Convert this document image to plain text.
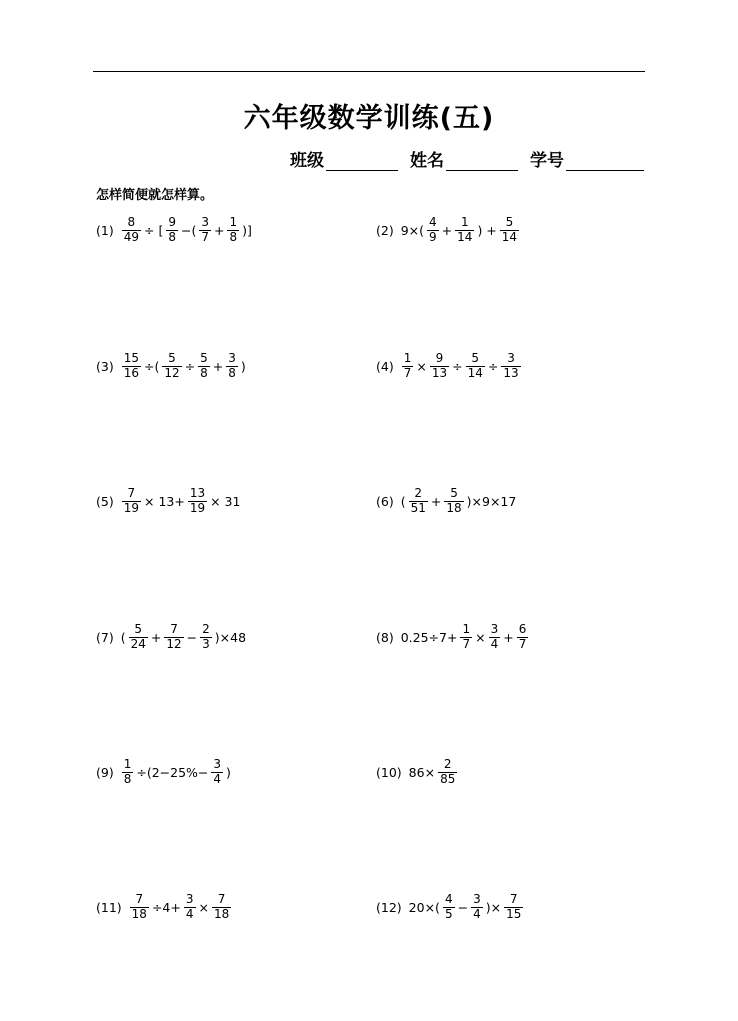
六年级数学训练(五)
班级	姓名	学号
怎样简便就怎样算。
$(1) \frac{8}{49}$ ÷ [ $\frac{9}{8}$ −( $\frac{3}{7} + \frac{1}{8}$ )]	(2) $9\times( \frac{4}{9} + \frac{1}{14}$ ) + $\frac{5}{14}$
$(3) \frac{15}{16}$ ÷( $\frac{5}{12} \div \frac{5}{8} + \frac{3}{8}$ )	$(4) \frac{1}{7} \times \frac{9}{13} \div \frac{5}{14} \div \frac{3}{13}$
$(5) \frac{7}{19} \times 13+ \frac{13}{19} \times 31$	(6) ( $\frac{2}{51} + \frac{5}{18} )\times 9\times 17$
(7) ( $\frac{5}{24} + \frac{7}{12} - \frac{2}{3} )\times 48$	(8) $0.25\div 7+ \frac{1}{7} \times \frac{3}{4} + \frac{6}{7}$
$(9) \frac{1}{8} \div(2-25\%- \frac{3}{4}$ )	(10) $86\times \frac{2}{85}$
$(11) \frac{7}{18} \div 4+ \frac{3}{4} \times \frac{7}{18}$	(12) $20\times( \frac{4}{5} - \frac{3}{4}$ )× $\frac{7}{15}$
